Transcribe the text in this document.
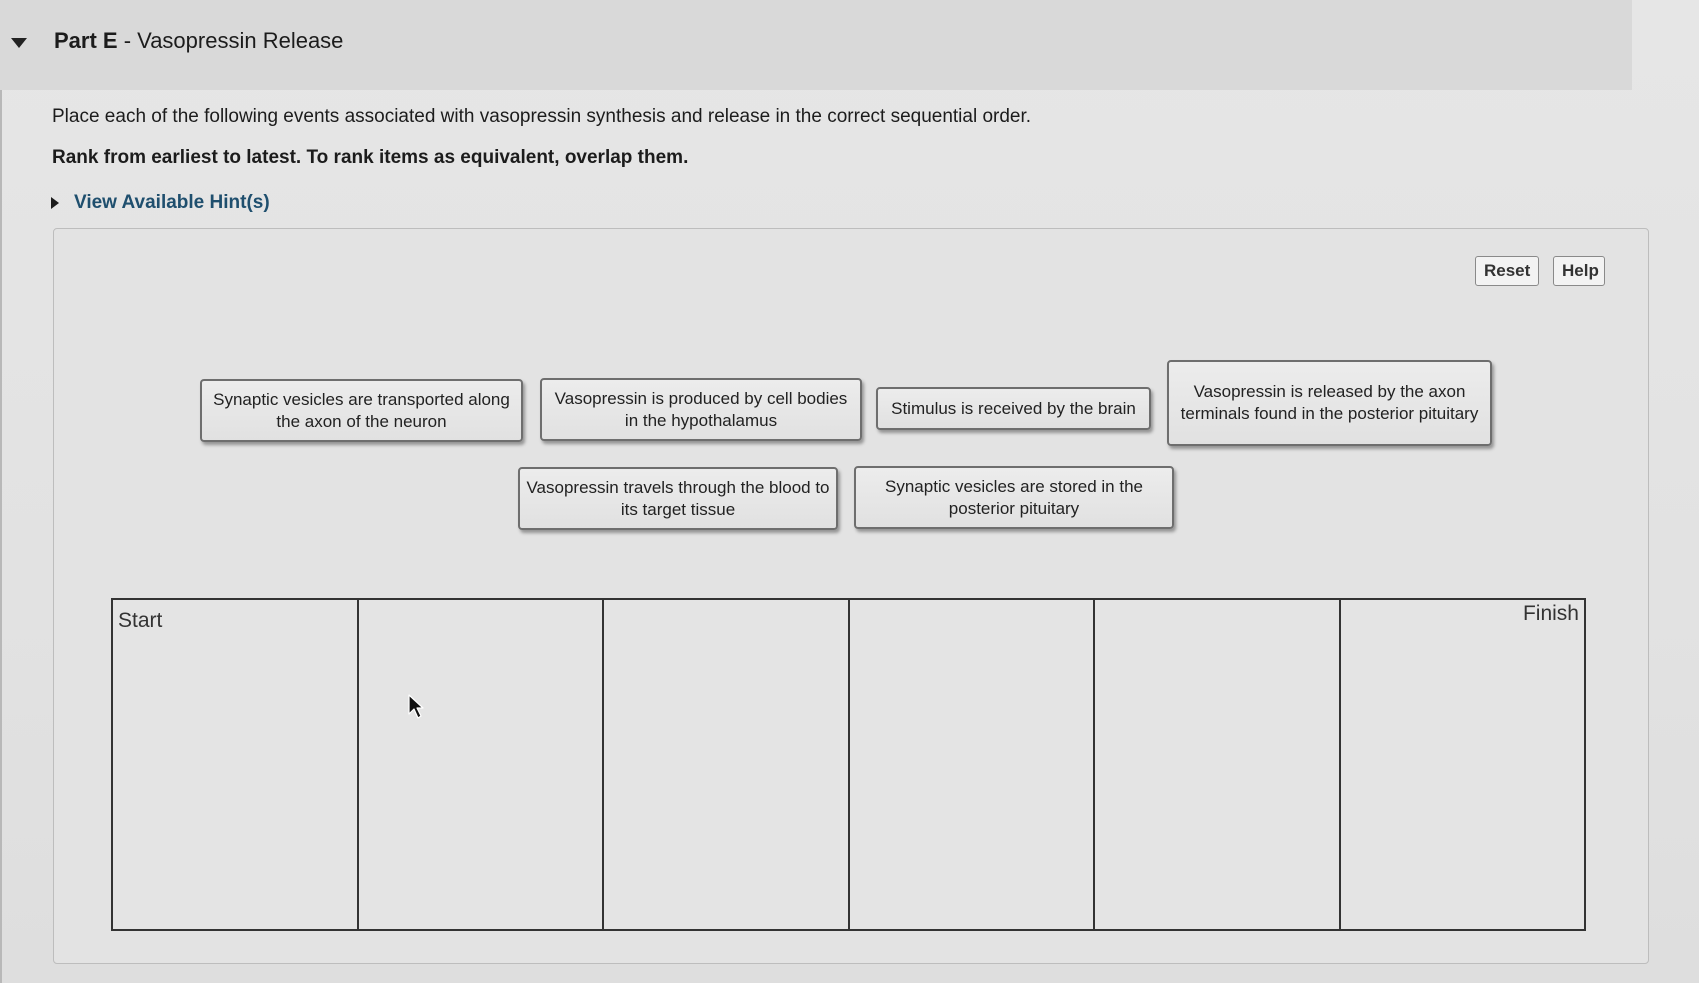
Part E - Vasopressin Release
Place each of the following events associated with vasopressin synthesis and release in the correct sequential order.
Rank from earliest to latest. To rank items as equivalent, overlap them.
View Available Hint(s)
Reset	Help
Synaptic vesicles are transported along the axon of the neuron
Vasopressin is produced by cell bodies in the hypothalamus
Stimulus is received by the brain
Vasopressin is released by the axon terminals found in the posterior pituitary
Vasopressin travels through the blood to its target tissue
Synaptic vesicles are stored in the posterior pituitary
Start	Finish
